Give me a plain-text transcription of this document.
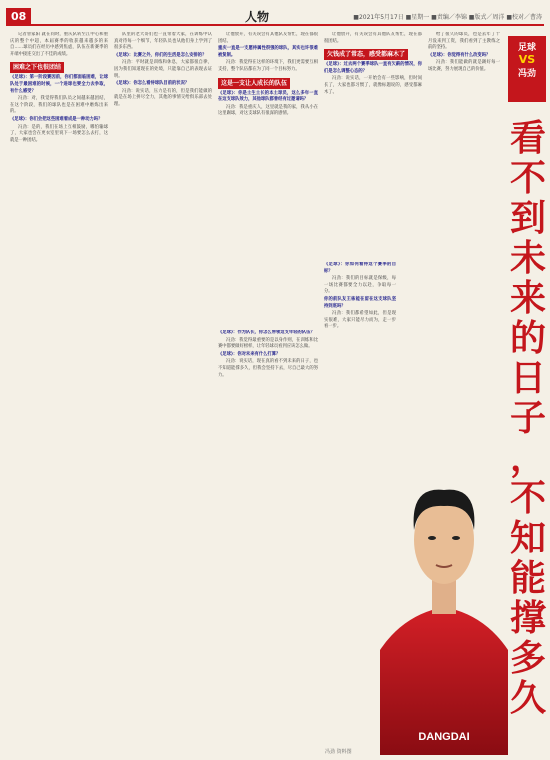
08	人物	■2021年5月17日 ■星期一 ■责编／李锦 ■版式／周洋 ■校对／曹涛

记者曾家阳 就在同时，重庆队转至江中心和重庆的整个中超，本届赛季的收获越来越多的来自……球员们在经历中感到焦虑，队伍在新赛季的开端中接连交出了不佳的成绩。

困难之下也很团结

《足球》：第一阶段赛因前，你们都面临困难，让球队处于最困难的时候，一个进球也要全力去争取，有什么感受？

冯劲：对，我觉得我们队员之间越来越团结，在这个阶段，我们的球队也是在困难中磨炼出来的。

《足球》：你们会把这些困难看成是一种动力吗？

冯劲：是的，我们在场上互相鼓励，哪怕输球了，大家也会在更衣室里说下一场要怎么去打，这就是一种团结。

队里的老大哥们也一直带着大家，在训练中认真对待每一个细节，年轻队员也从他们身上学到了很多东西。

《足球》：比赛之外，你们的生活是怎么安排的？

冯劲：平时就是训练和休息，大家都很自律，因为我们知道现在的处境，只能靠自己的表现去证明。

《足球》：你怎么看待球队目前的状况？

冯劲：说实话，压力是有的，但是我们能做的就是在场上拼尽全力，其他的事情交给俱乐部去处理。

让他放开，有关误会有其他队友帮忙，现在都很团结。

重庆一直是一支愿待属性很强的球队，其实也许很难被复制。

冯劲：我觉得在这样的环境下，我们更需要互相支持，整个队伍都在为了同一个目标努力。

这是一支让人成长的队伍

《足球》：你是土生土长的本土球员，这么多年一直在这支球队效力，其他球队都曾经有过邀请吗？

冯劲：我是重庆人，这里就是我的家，我从小在这里踢球，对这支球队有很深的感情。

让他放开，有关误会有其他队友帮忙，现在都很团结。

欠钱成了常态，感受都麻木了

《足球》：过去两个赛季球队一直有欠薪的情况，你们是怎么调整心态的？

冯劲：说实话，一开始会有一些影响，但时间长了，大家也都习惯了，就像标题说的，感受都麻木了。

给了很久的球员，也是去年了十月没来到工资，我们看到了主教练之前的坚持。

《足球》：你觉得有什么改变吗？

冯劲：我们能做的就是踢好每一场比赛，努力展现自己的价值。

《足球》：作为队长，你怎么带领这支年轻的队伍？

冯劲：我觉得最重要的是以身作则，在训练和比赛中都要做好榜样，让年轻球员看到应该怎么做。

《足球》：你对未来有什么打算？

冯劲：说实话，现在真的看不到未来的日子，也不知道能撑多久，但我会坚持下去，尽自己最大的努力。

《足球》：你如何看待这个赛季的目标？

冯劲：我们的目标就是保级，每一场比赛都要全力以赴，争取每一分。

你的前队友王栋能在留在这支球队坚持到底吗？

冯劲：我们都希望如此，但是现实很难，大家只能尽力而为，走一步看一步。

足球
VS
冯劲
看
不
到
未
来
的
日
子
，
不
知
能
撑
多
久
DANGDAI
冯劲 资料图
